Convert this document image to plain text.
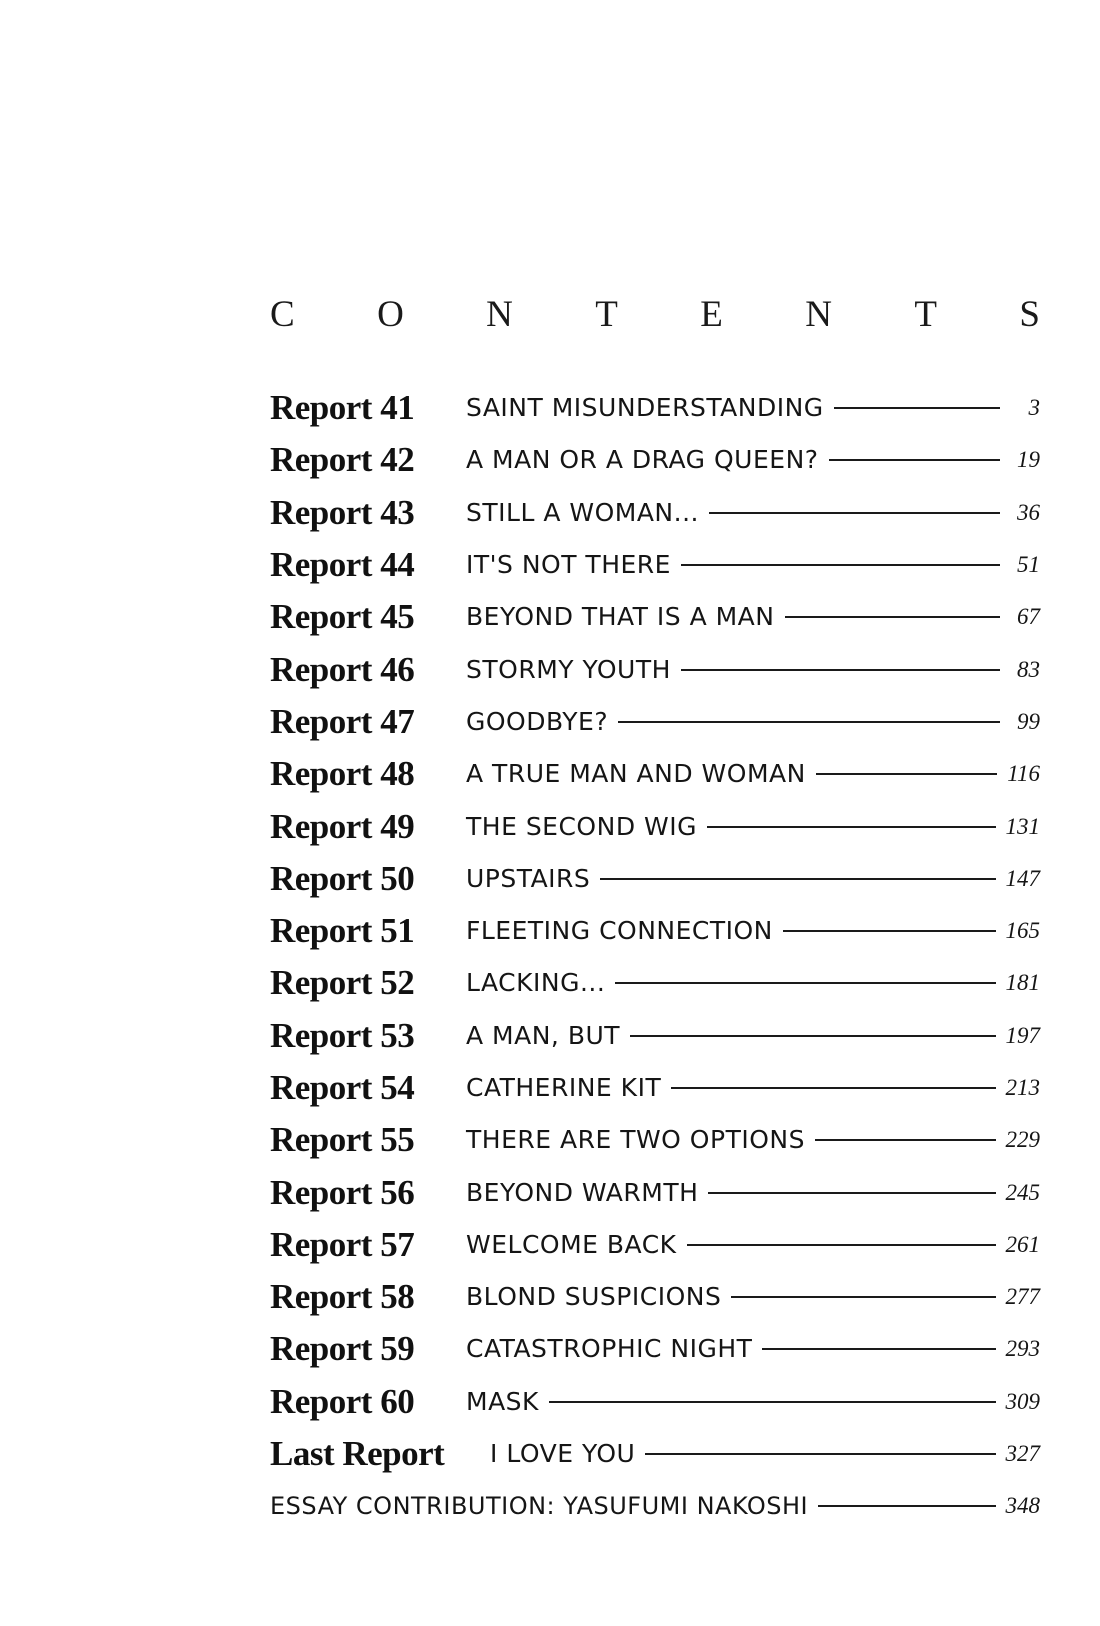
C O N T E N T S
Report 41	SAINT MISUNDERSTANDING	3
Report 42	A MAN OR A DRAG QUEEN?	19
Report 43	STILL A WOMAN...	36
Report 44	IT'S NOT THERE	51
Report 45	BEYOND THAT IS A MAN	67
Report 46	STORMY YOUTH	83
Report 47	GOODBYE?	99
Report 48	A TRUE MAN AND WOMAN	116
Report 49	THE SECOND WIG	131
Report 50	UPSTAIRS	147
Report 51	FLEETING CONNECTION	165
Report 52	LACKING...	181
Report 53	A MAN, BUT	197
Report 54	CATHERINE KIT	213
Report 55	THERE ARE TWO OPTIONS	229
Report 56	BEYOND WARMTH	245
Report 57	WELCOME BACK	261
Report 58	BLOND SUSPICIONS	277
Report 59	CATASTROPHIC NIGHT	293
Report 60	MASK	309
Last Report	I LOVE YOU	327
ESSAY CONTRIBUTION: YASUFUMI NAKOSHI	348
